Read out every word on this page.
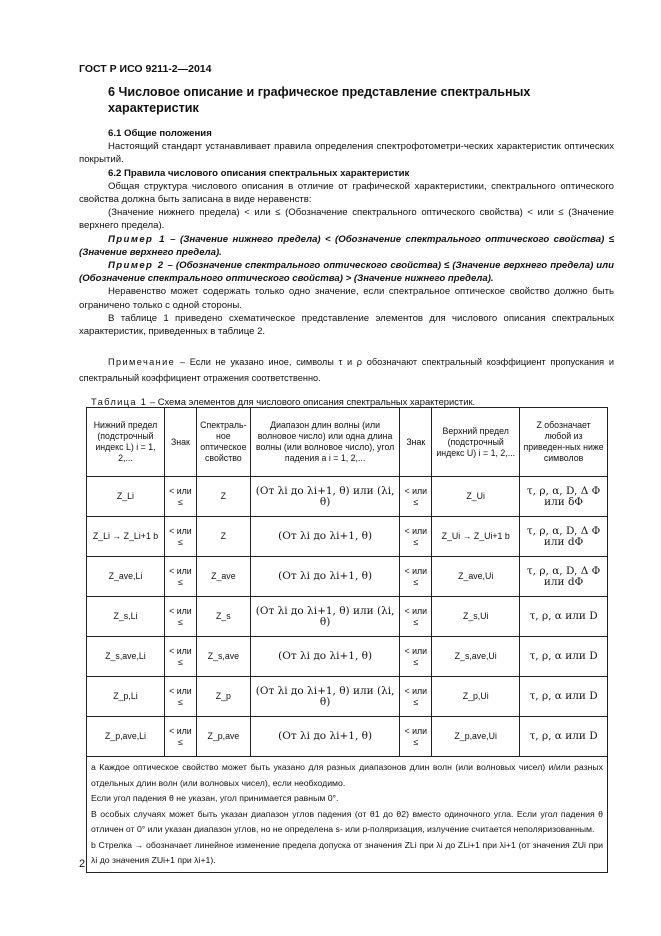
ГОСТ Р ИСО 9211-2—2014
6 Числовое описание и графическое представление спектральных характеристик

6.1 Общие положения

Настоящий стандарт устанавливает правила определения спектрофотометри-ческих характеристик оптических покрытий.

6.2 Правила числового описания спектральных характеристик

Общая структура числового описания в отличие от графической характеристики, спектрального оптического свойства должна быть записана в виде неравенств:

(Значение нижнего предела) < или ≤ (Обозначение спектрального оптического свойства) < или ≤ (Значение верхнего предела).

Пример 1 – (Значение нижнего предела) < (Обозначение спектрального оптического свойства) ≤ (Значение верхнего предела).

Пример 2 – (Обозначение спектрального оптического свойства) ≤ (Значение верхнего предела) или (Обозначение спектрального оптического свойства) > (Значение нижнего предела).

Неравенство может содержать только одно значение, если спектральное оптическое свойство должно быть ограничено только с одной стороны.

В таблице 1 приведено схематическое представление элементов для числового описания спектральных характеристик, приведенных в таблице 2.

Примечание – Если не указано иное, символы τ и ρ обозначают спектральный коэффициент пропускания и спектральный коэффициент отражения соответственно.
Таблица 1 – Схема элементов для числового описания спектральных характеристик.
Нижний предел (подстрочный индекс L) i = 1, 2,...	Знак	Спектраль-ное оптическое свойство	Диапазон длин волны (или волновое число) или одна длина волны (или волновое число), угол падения a i = 1, 2,...	Знак	Верхний предел (подстрочный индекс U) i = 1, 2,...	Z обозначает любой из приведен-ных ниже символов
Z_Li	< или ≤	Z	(От λi до λi+1, θ) или (λi, θ)	< или ≤	Z_Ui	τ, ρ, α, D, Δ Φ или δΦ
Z_Li → Z_Li+1 b	< или ≤	Z	(От λi до λi+1, θ)	< или ≤	Z_Ui → Z_Ui+1 b	τ, ρ, α, D, Δ Φ или dΦ
Z_ave,Li	< или ≤	Z_ave	(От λi до λi+1, θ)	< или ≤	Z_ave,Ui	τ, ρ, α, D, Δ Φ или dΦ
Z_s,Li	< или ≤	Z_s	(От λi до λi+1, θ) или (λi, θ)	< или ≤	Z_s,Ui	τ, ρ, α или D
Z_s,ave,Li	< или ≤	Z_s,ave	(От λi до λi+1, θ)	< или ≤	Z_s,ave,Ui	τ, ρ, α или D
Z_p,Li	< или ≤	Z_p	(От λi до λi+1, θ) или (λi, θ)	< или ≤	Z_p,Ui	τ, ρ, α или D
Z_p,ave,Li	< или ≤	Z_p,ave	(От λi до λi+1, θ)	< или ≤	Z_p,ave,Ui	τ, ρ, α или D

a Каждое оптическое свойство может быть указано для разных диапазонов длин волн (или волновых чисел) и/или разных отдельных длин волн (или волновых чисел), если необходимо.
Если угол падения θ не указан, угол принимается равным 0°.
В особых случаях может быть указан диапазон углов падения (от θ1 до θ2) вместо одиночного угла. Если угол падения θ отличен от 0° или указан диапазон углов, но не определена s- или p-поляризация, излучение считается неполяризованным.
b Стрелка → обозначает линейное изменение предела допуска от значения ZLi при λi до ZLi+1 при λi+1 (от значения ZUi при λi до значения ZUi+1 при λi+1).						
2
